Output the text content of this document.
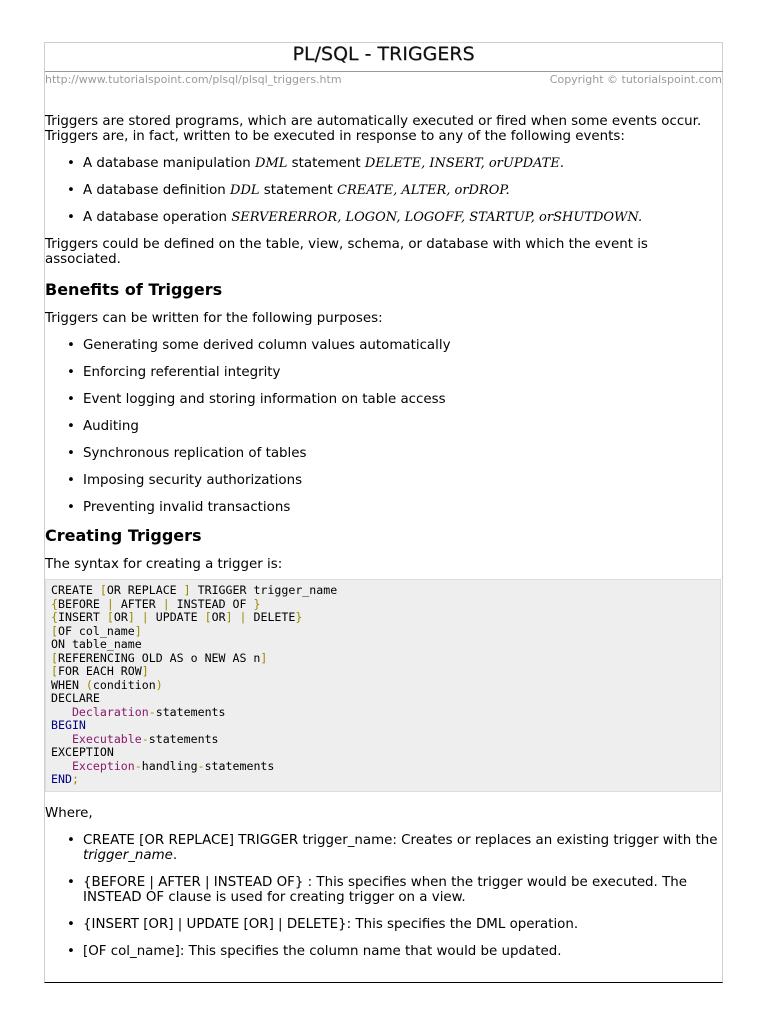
PL/SQL - TRIGGERS
http://www.tutorialspoint.com/plsql/plsql_triggers.htm	Copyright © tutorialspoint.com

Triggers are stored programs, which are automatically executed or fired when some events occur. Triggers are, in fact, written to be executed in response to any of the following events:

• A database manipulation DML statement DELETE, INSERT, orUPDATE.
• A database definition DDL statement CREATE, ALTER, orDROP.
• A database operation SERVERERROR, LOGON, LOGOFF, STARTUP, orSHUTDOWN.

Triggers could be defined on the table, view, schema, or database with which the event is associated.

Benefits of Triggers

Triggers can be written for the following purposes:

• Generating some derived column values automatically
• Enforcing referential integrity
• Event logging and storing information on table access
• Auditing
• Synchronous replication of tables
• Imposing security authorizations
• Preventing invalid transactions
Creating Triggers

The syntax for creating a trigger is:

CREATE [OR REPLACE ] TRIGGER trigger_name
{BEFORE | AFTER | INSTEAD OF }
{INSERT [OR] | UPDATE [OR] | DELETE}
[OF col_name]
ON table_name
[REFERENCING OLD AS o NEW AS n]
[FOR EACH ROW]
WHEN (condition)
DECLARE
Declaration-statements
BEGIN
Executable-statements
EXCEPTION
Exception-handling-statements
END;

Where,

• CREATE [OR REPLACE] TRIGGER trigger_name: Creates or replaces an existing trigger with the trigger_name.
• {BEFORE | AFTER | INSTEAD OF} : This specifies when the trigger would be executed. The INSTEAD OF clause is used for creating trigger on a view.
• {INSERT [OR] | UPDATE [OR] | DELETE}: This specifies the DML operation.
• [OF col_name]: This specifies the column name that would be updated.
